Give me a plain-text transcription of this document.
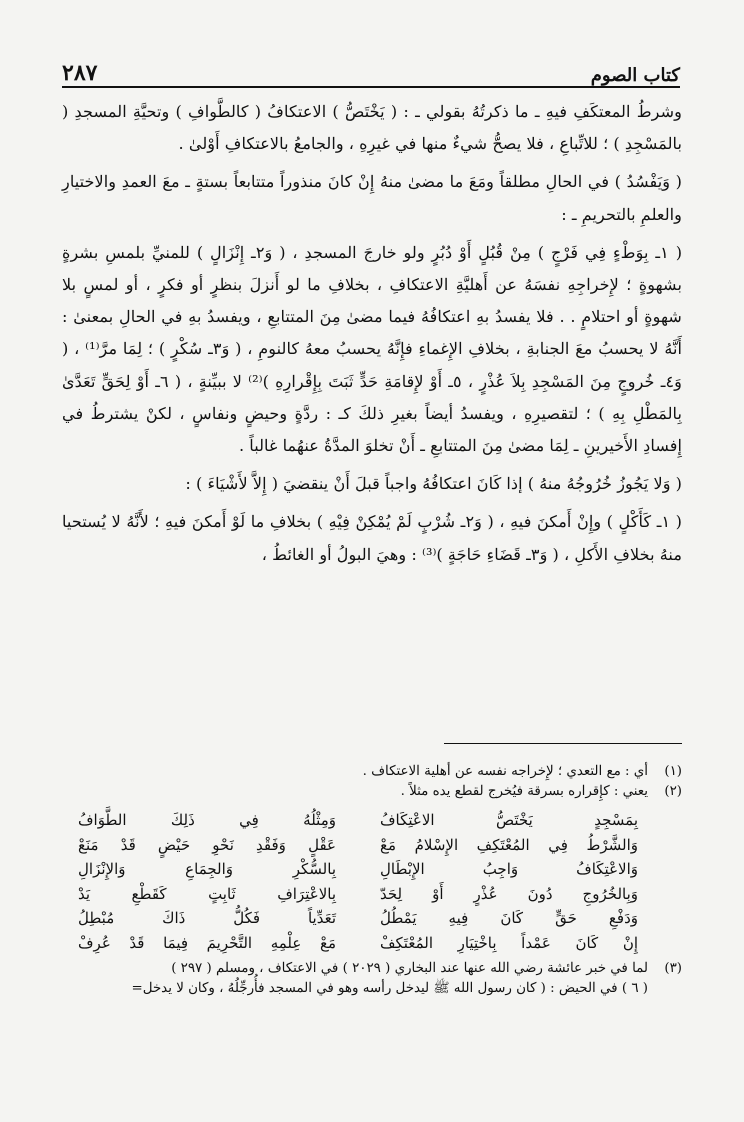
كتاب الصوم
٢٨٧

وشرطُ المعتكَفِ فيهِ ـ ما ذكرتُهُ بقولي ـ : ( يَخْتَصُّ ) الاعتكافُ ( كالطَّوافِ ) وتحيَّةِ المسجدِ ( بالمَسْجِدِ ) ؛ للاتِّباعِ ، فلا يصحُّ شيءٌ منها في غيرِهِ ، والجامعُ بالاعتكافِ أَوْلىٰ .

( وَيَفْسُدُ ) في الحالِ مطلقاً ومَعَ ما مضىٰ منهُ إِنْ كانَ منذوراً متتابعاً بستةٍ ـ معَ العمدِ والاختيارِ والعلمِ بالتحريمِ ـ :

( ١ـ بِوَطْءٍ فِي فَرْجٍ ) مِنْ قُبُلٍ أَوْ دُبُرٍ ولو خارجَ المسجدِ ، ( وَ٢ـ إِنْزَالٍ ) للمنيِّ بلمسِ بشرةٍ بشهوةٍ ؛ لإِخراجِهِ نفسَهُ عن أَهليَّةِ الاعتكافِ ، بخلافِ ما لو أَنزلَ بنظرٍ أو فكرٍ ، أو لمسٍ بلا شهوةٍ أو احتلامٍ . . فلا يفسدُ بهِ اعتكافُهُ فيما مضىٰ مِنَ المتتابعِ ، ويفسدُ بهِ في الحالِ بمعنىٰ : أَنَّهُ لا يحسبُ معَ الجنابةِ ، بخلافِ الإِغماءِ فإِنَّهُ يحسبُ معهُ كالنومِ ، ( وَ٣ـ سُكْرٍ ) ؛ لِمَا مرَّ⁽¹⁾ ، ( وَ٤ـ خُروجٍ مِنَ المَسْجِدِ بِلاَ عُذْرٍ ، ٥ـ أَوْ لإِقامَةِ حَدٍّ ثَبَتَ بِإِقْرارِهِ )⁽²⁾ لا ببيِّنةٍ ، ( ٦ـ أَوْ لِحَقٍّ تَعَدَّىٰ بِالمَطْلِ بِهِ ) ؛ لتقصيرِهِ ، ويفسدُ أيضاً بغيرِ ذلكَ كـ : ردَّةٍ وحيضٍ ونفاسٍ ، لكنْ يشترطُ في إِفسادِ الأَخيرينِ ـ لِمَا مضىٰ مِنَ المتتابعِ ـ أَنْ تخلوَ المدَّةُ عنهُما غالباً .

( وَلا يَجُوزُ خُرُوجُهُ منهُ ) إذا كَانَ اعتكافُهُ واجباً قبلَ أَنْ ينقضيَ ( إِلاَّ لأَشْيَاءَ ) :

( ١ـ كَأَكْلٍ ) وإِنْ أَمكنَ فيهِ ، ( وَ٢ـ شُرْبٍ لَمْ يُمْكِنْ فِيْهِ ) بخلافِ ما لَوْ أَمكنَ فيهِ ؛ لأَنَّهُ لا يُستحيا منهُ بخلافِ الأَكلِ ، ( وَ٣ـ قَضَاءِ حَاجَةٍ )⁽³⁾ : وهيَ البولُ أو الغائطُ ،

(١)
أي : مع التعدي ؛ لإِخراجه نفسه عن أهلية الاعتكاف .
(٢)
يعني : كإِقراره بسرقة فيُخرج لقطع يده مثلاً .
بِمَسْجِدٍ يَخْتَصُّ الاعْتِكَافُ
وَمِثْلُهُ فِي ذَلِكَ الطَّوَافُ
وَالشَّرْطُ فِي المُعْتَكِفِ الإِسْلامُ مَعْ
عَقْلٍ وَفَقْدِ نَحْوِ حَيْضٍ قَدْ مَنَعْ
وَالاعْتِكَافُ وَاجِبُ الإِبْطَالِ
بِالسُّكْرِ وَالجِمَاعِ وَالإِنْزَالِ
وَبِالخُرُوجِ دُونَ عُذْرٍ أَوْ لِحَدّ
بِالاعْتِرَافِ ثَابِتٍ كَقَطْعِ يَدْ
وَدَفْعِ حَقٍّ كَانَ فِيهِ يَمْطُلُ
تَعَدِّياً فَكُلُّ ذَاكَ مُبْطِلُ
إِنْ كَانَ عَمْداً بِاخْتِيَارِ المُعْتَكِفْ
مَعْ عِلْمِهِ التَّحْرِيمَ فِيمَا قَدْ عُرِفْ
(٣)

لما في خبر عائشة رضي الله عنها عند البخاري ( ٢٠٢٩ ) في الاعتكاف ، ومسلم ( ٢٩٧ )

( ٦ ) في الحيض : ( كان رسول الله ﷺ ليدخل رأسه وهو في المسجد فأُرجِّلُهُ ، وكان لا يدخل=
